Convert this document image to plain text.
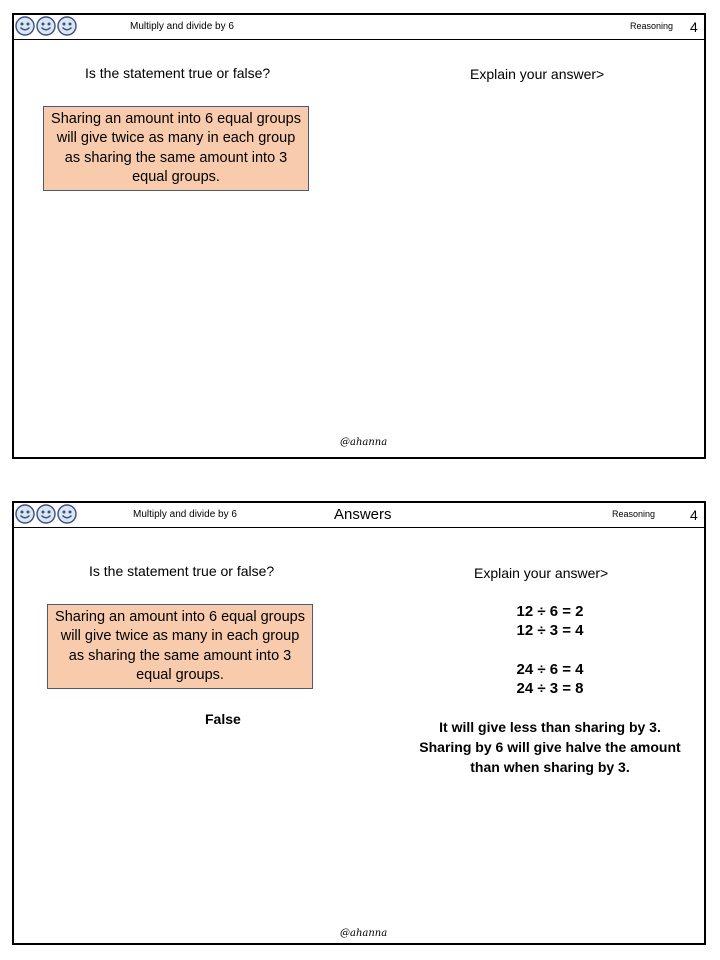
Multiply and divide by 6	Reasoning 4
Is the statement true or false?	Explain your answer>
Sharing an amount into 6 equal groups will give twice as many in each group as sharing the same amount into 3 equal groups.
@ahanna
Multiply and divide by 6	Answers	Reasoning 4
Is the statement true or false?	Explain your answer>
Sharing an amount into 6 equal groups will give twice as many in each group as sharing the same amount into 3 equal groups.
False
12 ÷ 6 = 2
12 ÷ 3 = 4
24 ÷ 6 = 4
24 ÷ 3 = 8
It will give less than sharing by 3.
Sharing by 6 will give halve the amount
than when sharing by 3.
@ahanna
